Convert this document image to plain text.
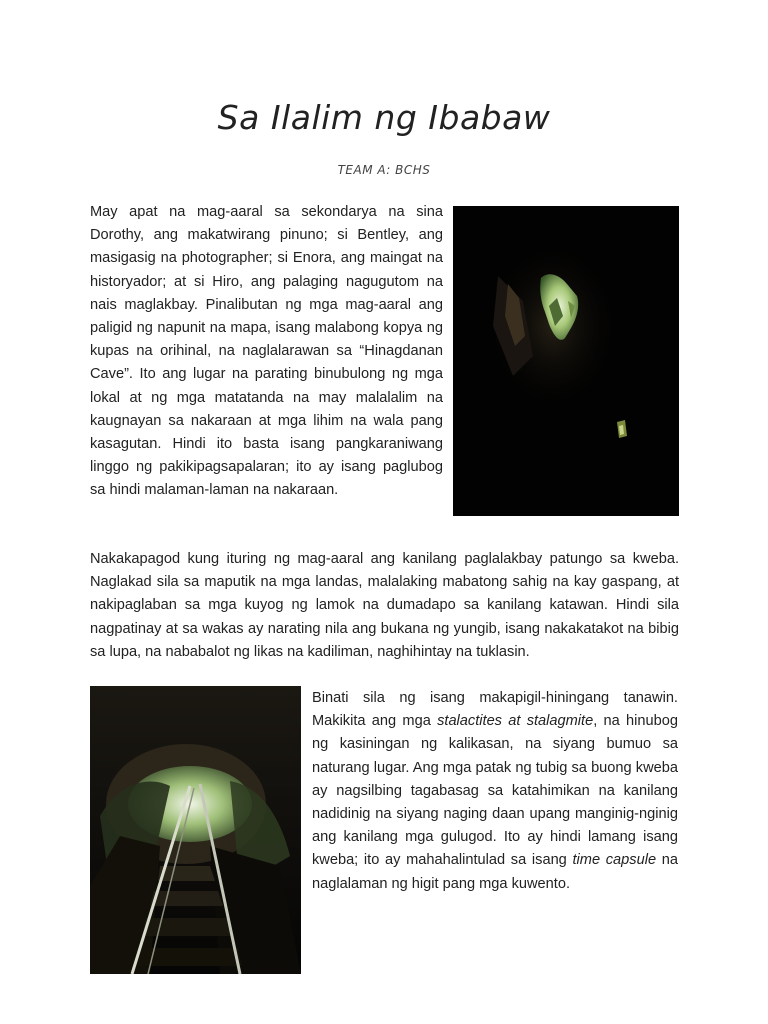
Sa Ilalim ng Ibabaw
TEAM A: BCHS

May apat na mag-aaral sa sekondarya na sina Dorothy, ang makatwirang pinuno; si Bentley, ang masigasig na photographer; si Enora, ang maingat na historyador; at si Hiro, ang palaging nagugutom na nais maglakbay. Pinalibutan ng mga mag-aaral ang paligid ng napunit na mapa, isang malabong kopya ng kupas na orihinal, na naglalarawan sa “Hinagdanan Cave”. Ito ang lugar na parating binubulong ng mga lokal at ng mga matatanda na may malalalim na kaugnayan sa nakaraan at mga lihim na wala pang kasagutan. Hindi ito basta isang pangkaraniwang linggo ng pakikipagsapalaran; ito ay isang paglubog sa hindi malaman-laman na nakaraan.

Nakakapagod kung ituring ng mag-aaral ang kanilang paglalakbay patungo sa kweba. Naglakad sila sa maputik na mga landas, malalaking mabatong sahig na kay gaspang, at nakipaglaban sa mga kuyog ng lamok na dumadapo sa kanilang katawan. Hindi sila nagpatinay at sa wakas ay narating nila ang bukana ng yungib, isang nakakatakot na bibig sa lupa, na nababalot ng likas na kadiliman, naghihintay na tuklasin.

Binati sila ng isang makapigil-hiningang tanawin. Makikita ang mga stalactites at stalagmite, na hinubog ng kasiningan ng kalikasan, na siyang bumuo sa naturang lugar. Ang mga patak ng tubig sa buong kweba ay nagsilbing tagabasag sa katahimikan na kanilang nadidinig na siyang naging daan upang manginig-nginig ang kanilang mga gulugod. Ito ay hindi lamang isang kweba; ito ay mahahalintulad sa isang time capsule na naglalaman ng higit pang mga kuwento.
